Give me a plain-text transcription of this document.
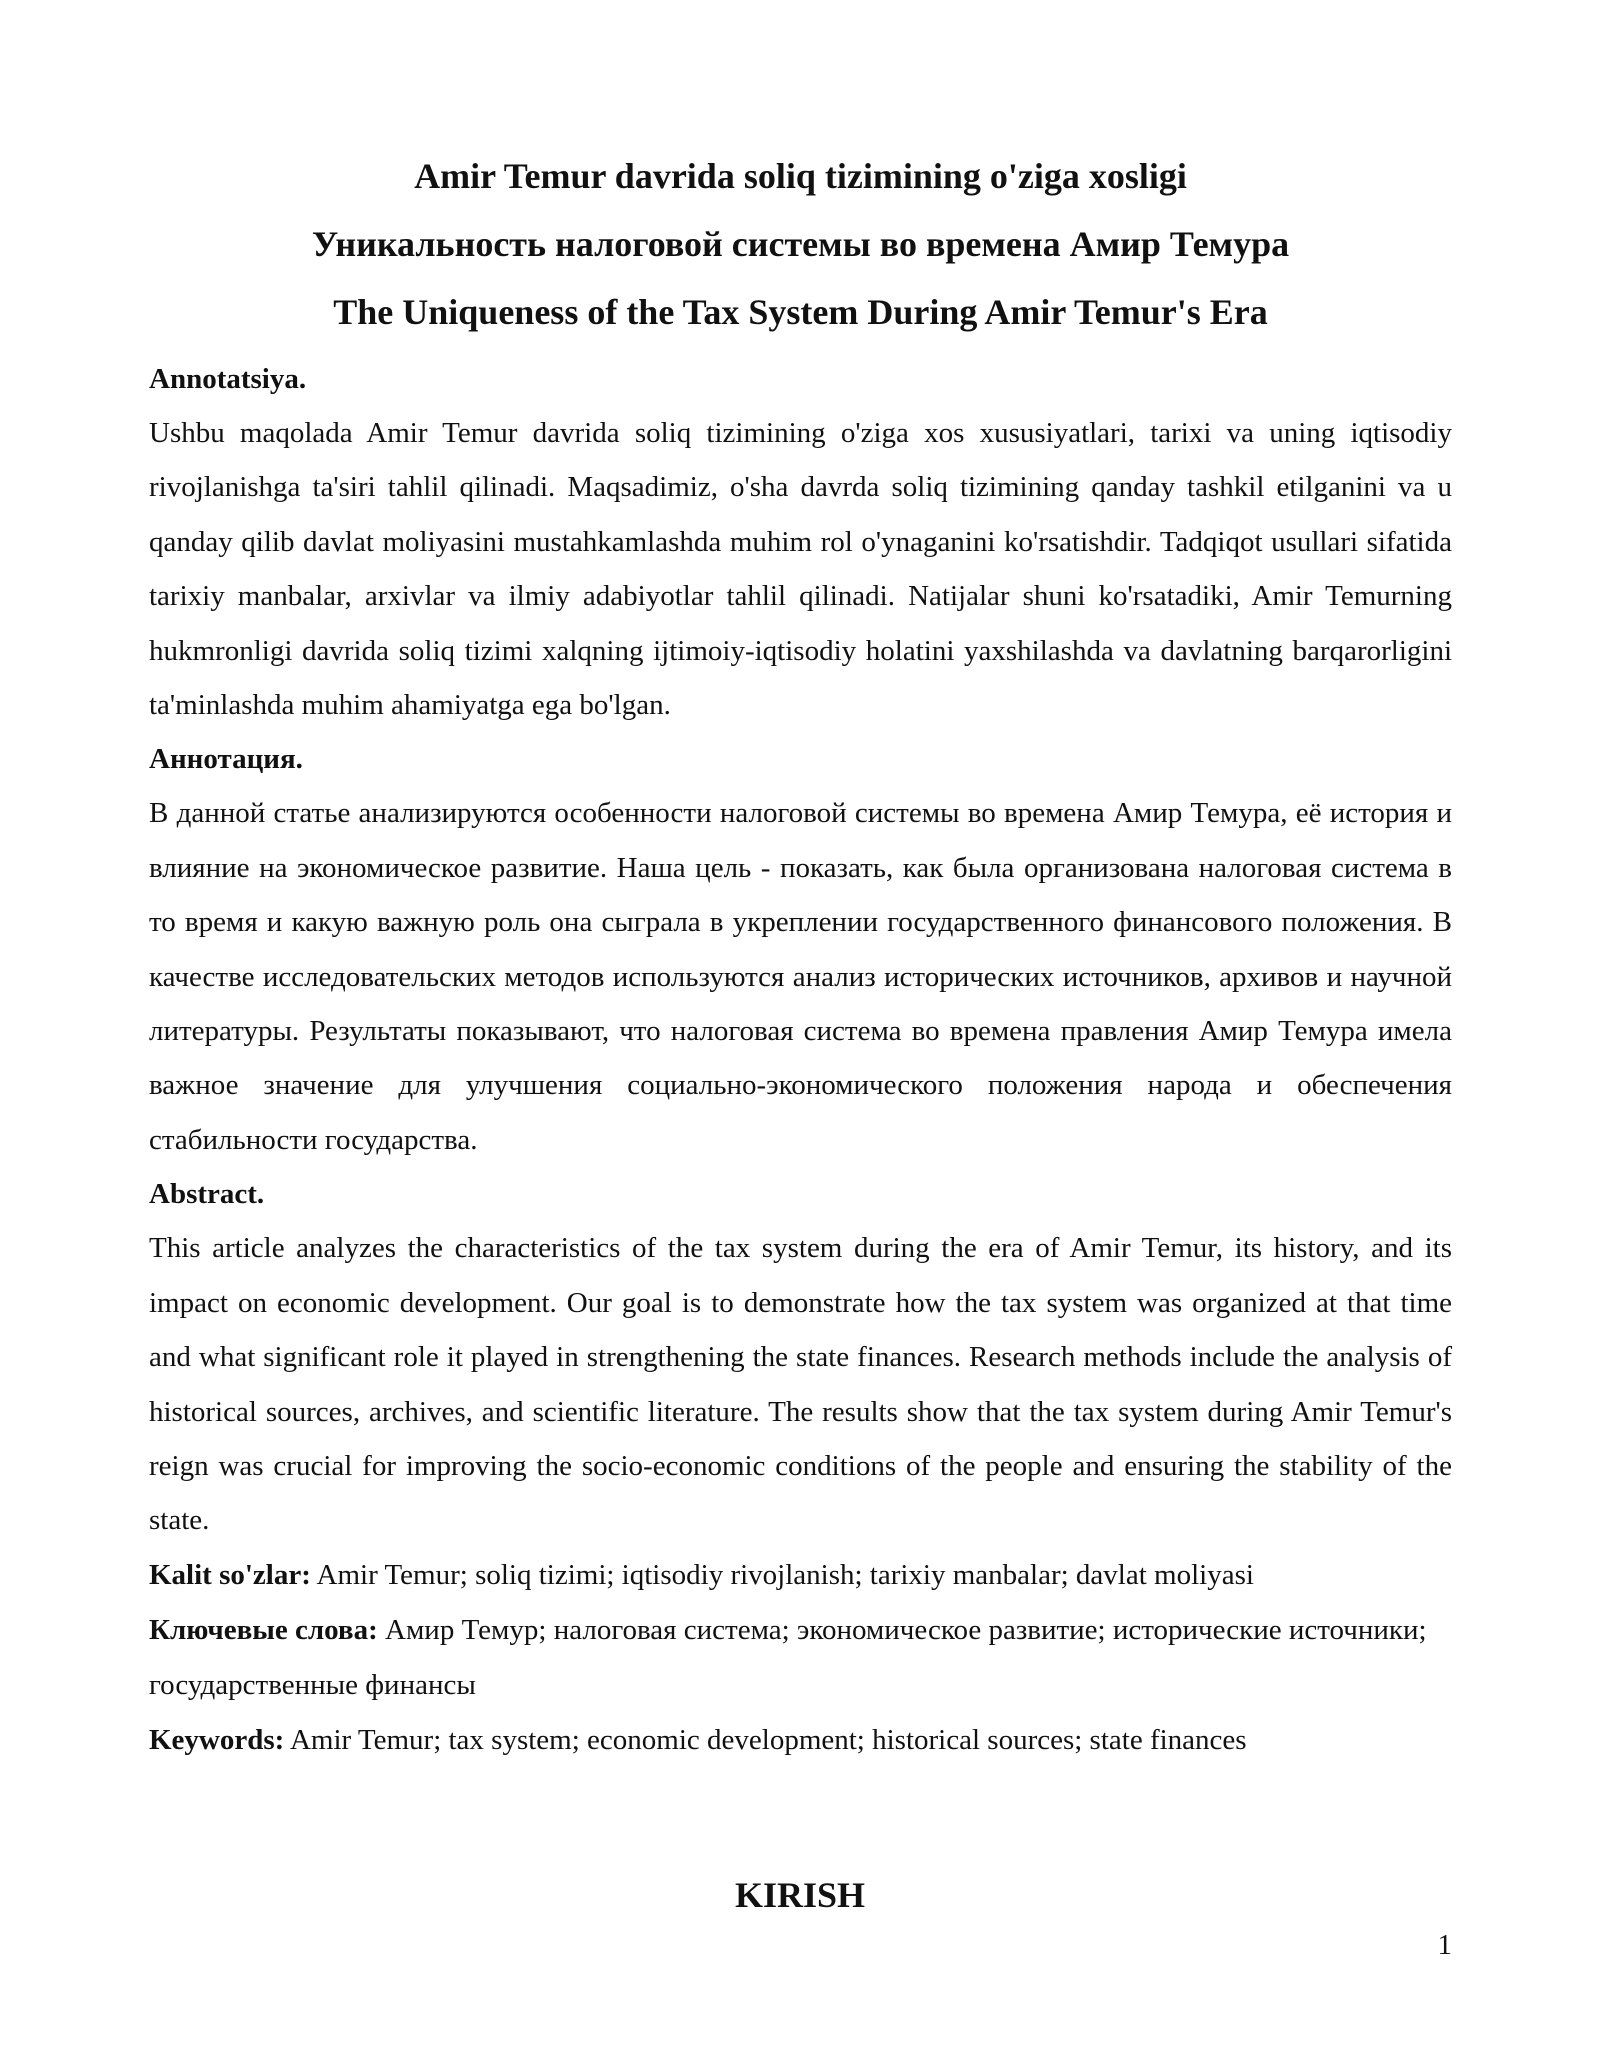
Amir Temur davrida soliq tizimining o'ziga xosligi
Уникальность налоговой системы во времена Амир Темура
The Uniqueness of the Tax System During Amir Temur's Era

Annotatsiya.

Ushbu maqolada Amir Temur davrida soliq tizimining o'ziga xos xususiyatlari, tarixi va uning iqtisodiy rivojlanishga ta'siri tahlil qilinadi. Maqsadimiz, o'sha davrda soliq tizimining qanday tashkil etilganini va u qanday qilib davlat moliyasini mustahkamlashda muhim rol o'ynaganini ko'rsatishdir. Tadqiqot usullari sifatida tarixiy manbalar, arxivlar va ilmiy adabiyotlar tahlil qilinadi. Natijalar shuni ko'rsatadiki, Amir Temurning hukmronligi davrida soliq tizimi xalqning ijtimoiy-iqtisodiy holatini yaxshilashda va davlatning barqarorligini ta'minlashda muhim ahamiyatga ega bo'lgan.

Аннотация.

В данной статье анализируются особенности налоговой системы во времена Амир Темура, её история и влияние на экономическое развитие. Наша цель - показать, как была организована налоговая система в то время и какую важную роль она сыграла в укреплении государственного финансового положения. В качестве исследовательских методов используются анализ исторических источников, архивов и научной литературы. Результаты показывают, что налоговая система во времена правления Амир Темура имела важное значение для улучшения социально-экономического положения народа и обеспечения стабильности государства.

Abstract.

This article analyzes the characteristics of the tax system during the era of Amir Temur, its history, and its impact on economic development. Our goal is to demonstrate how the tax system was organized at that time and what significant role it played in strengthening the state finances. Research methods include the analysis of historical sources, archives, and scientific literature. The results show that the tax system during Amir Temur's reign was crucial for improving the socio-economic conditions of the people and ensuring the stability of the state.

Kalit so'zlar: Amir Temur; soliq tizimi; iqtisodiy rivojlanish; tarixiy manbalar; davlat moliyasi

Ключевые слова: Амир Темур; налоговая система; экономическое развитие; исторические источники; государственные финансы

Keywords: Amir Temur; tax system; economic development; historical sources; state finances

KIRISH
1
